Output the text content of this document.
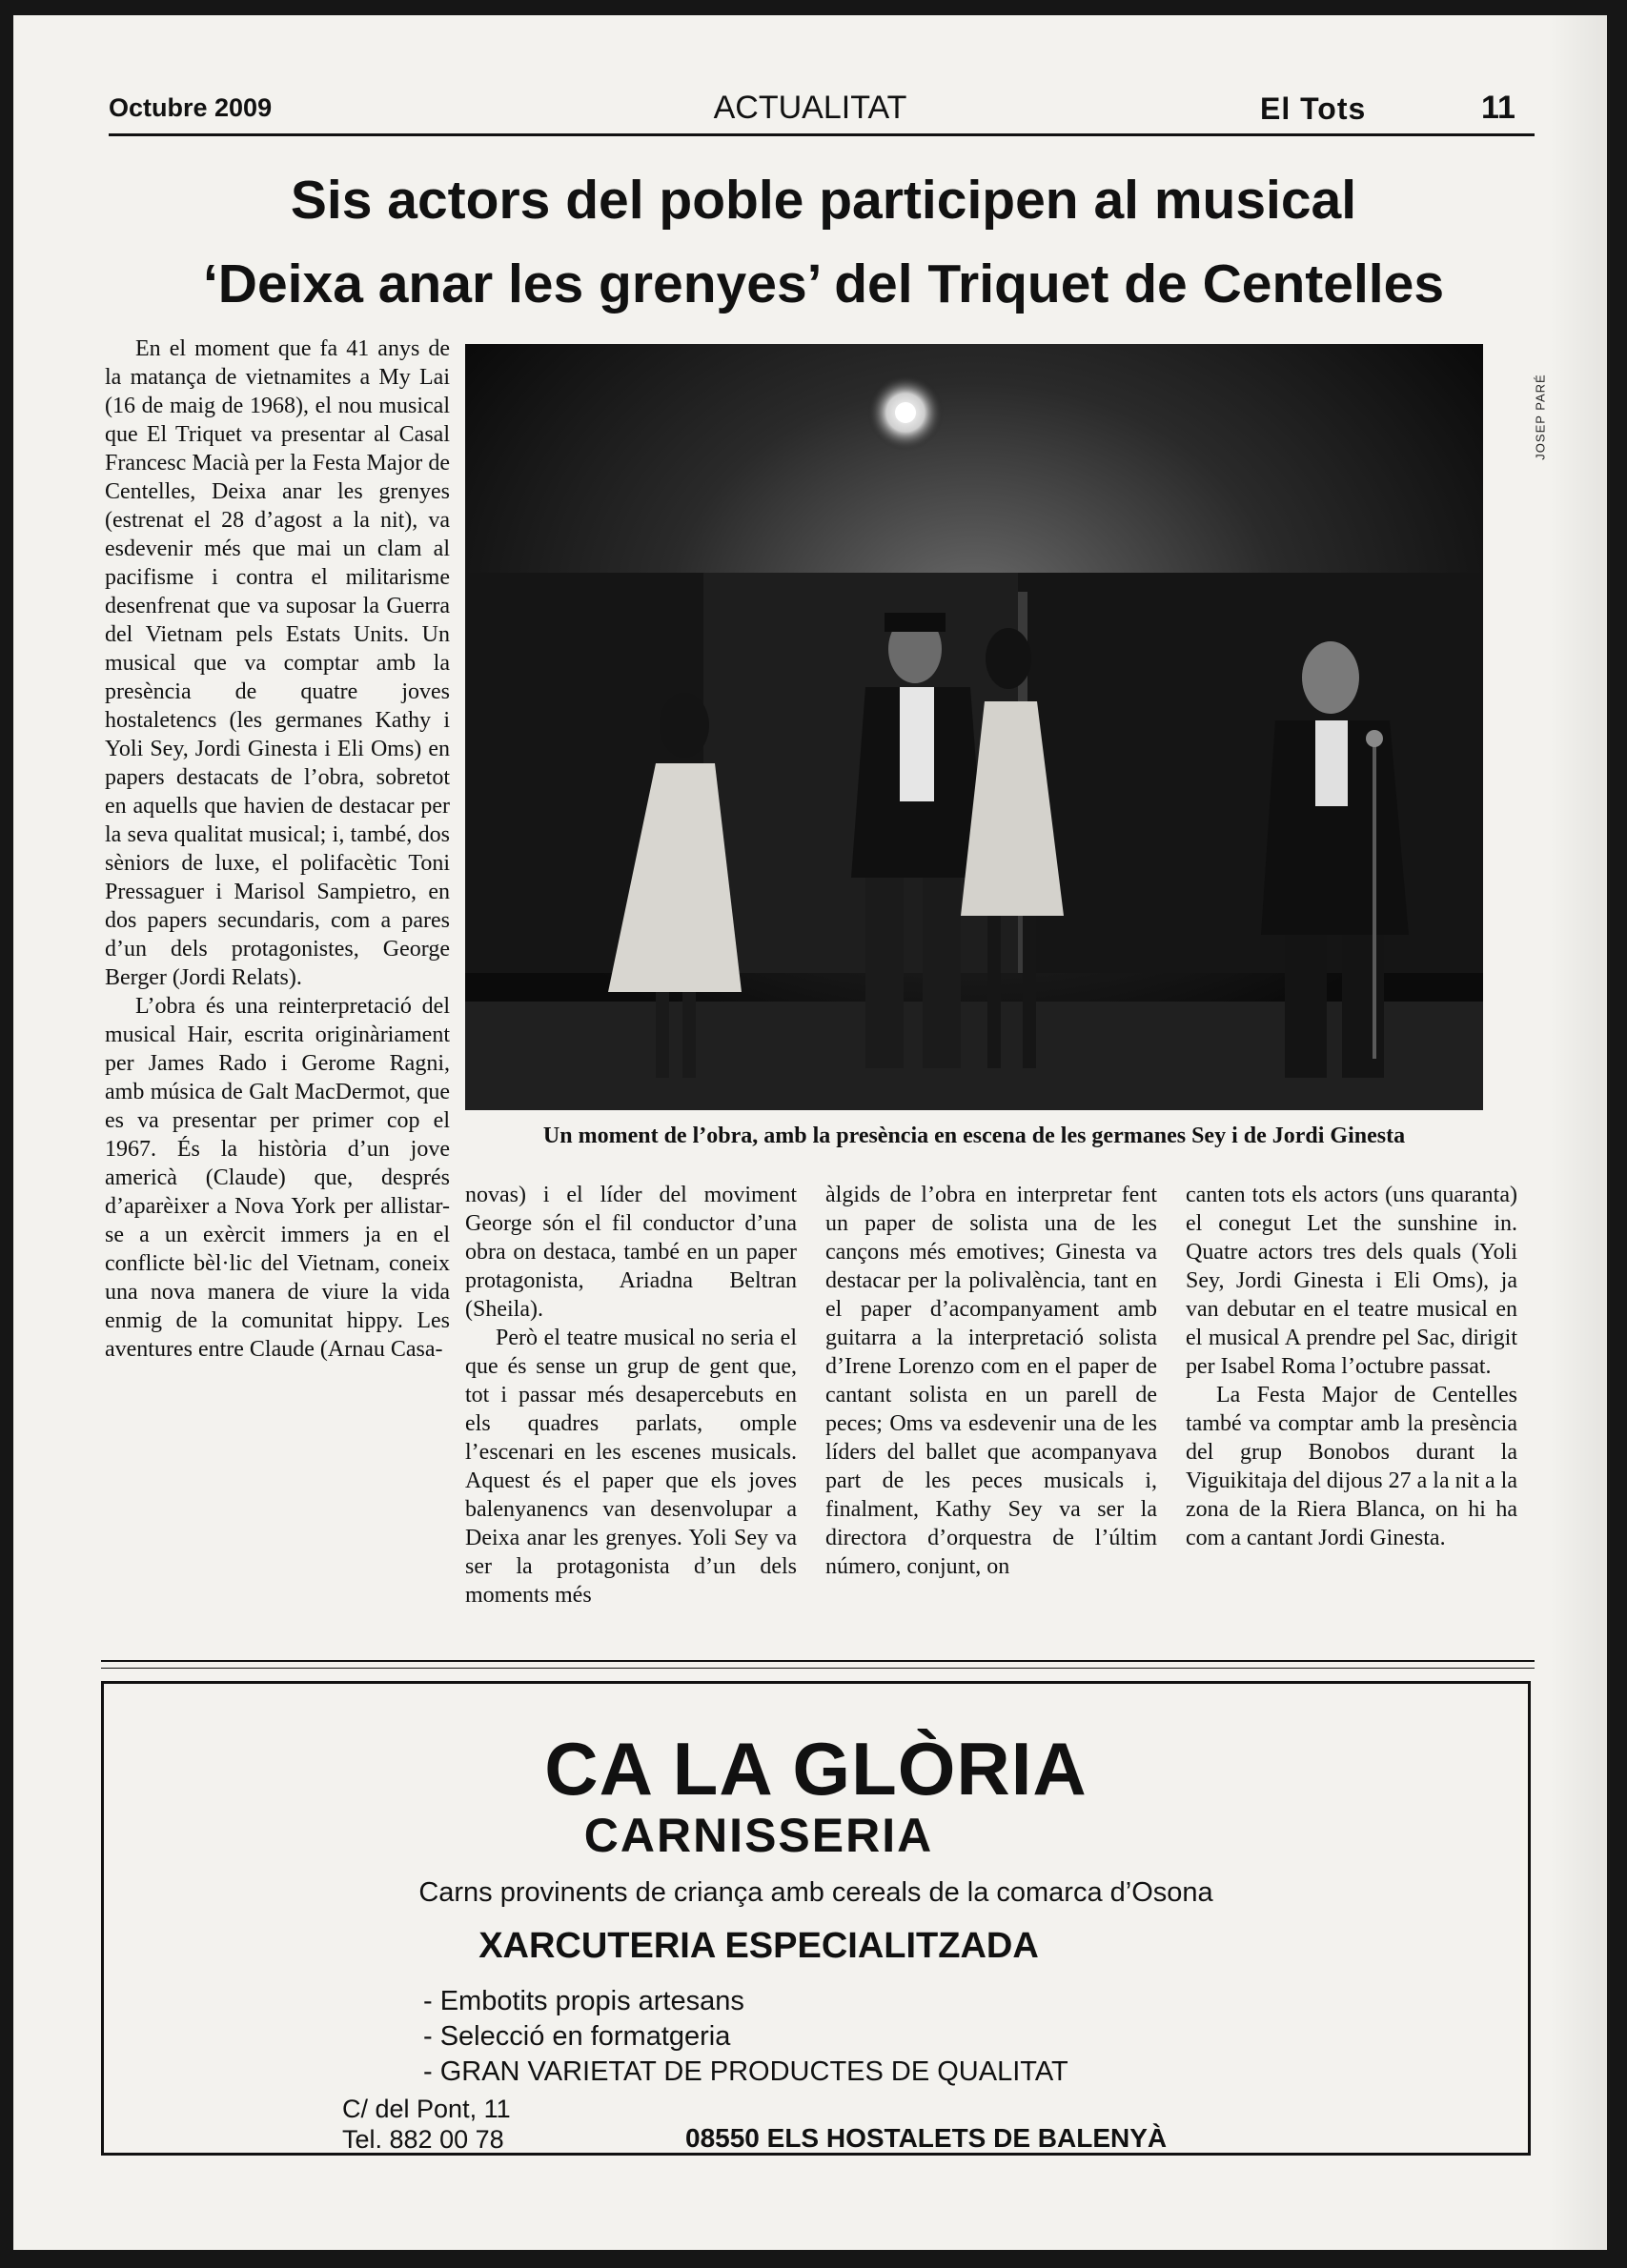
Octubre 2009	ACTUALITAT	El Tots	11
Sis actors del poble participen al musical
‘Deixa anar les grenyes’ del Triquet de Centelles

En el moment que fa 41 anys de la matança de vietnamites a My Lai (16 de maig de 1968), el nou musical que El Triquet va presentar al Casal Francesc Macià per la Festa Major de Centelles, Deixa anar les grenyes (estrenat el 28 d’agost a la nit), va esdevenir més que mai un clam al pacifisme i contra el militarisme desenfrenat que va suposar la Guerra del Vietnam pels Estats Units. Un musical que va comptar amb la presència de quatre joves hostaletencs (les germanes Kathy i Yoli Sey, Jordi Ginesta i Eli Oms) en papers destacats de l’obra, sobretot en aquells que havien de destacar per la seva qualitat musical; i, també, dos sèniors de luxe, el polifacètic Toni Pressaguer i Marisol Sampietro, en dos papers secundaris, com a pares d’un dels protagonistes, George Berger (Jordi Relats).

L’obra és una reinterpretació del musical Hair, escrita originàriament per James Rado i Gerome Ragni, amb música de Galt MacDermot, que es va presentar per primer cop el 1967. És la història d’un jove americà (Claude) que, després d’aparèixer a Nova York per allistar-se a un exèrcit immers ja en el conflicte bèl·lic del Vietnam, coneix una nova manera de viure la vida enmig de la comunitat hippy. Les aventures entre Claude (Arnau Casa-

JOSEP PARÉ
Un moment de l’obra, amb la presència en escena de les germanes Sey i de Jordi Ginesta

novas) i el líder del moviment George són el fil conductor d’una obra on destaca, també en un paper protagonista, Ariadna Beltran (Sheila).

Però el teatre musical no seria el que és sense un grup de gent que, tot i passar més desapercebuts en els quadres parlats, omple l’escenari en les escenes musicals. Aquest és el paper que els joves balenyanencs van desenvolupar a Deixa anar les grenyes. Yoli Sey va ser la protagonista d’un dels moments més

àlgids de l’obra en interpretar fent un paper de solista una de les cançons més emotives; Ginesta va destacar per la polivalència, tant en el paper d’acompanyament amb guitarra a la interpretació solista d’Irene Lorenzo com en el paper de cantant solista en un parell de peces; Oms va esdevenir una de les líders del ballet que acompanyava part de les peces musicals i, finalment, Kathy Sey va ser la directora d’orquestra de l’últim número, conjunt, on

canten tots els actors (uns quaranta) el conegut Let the sunshine in. Quatre actors tres dels quals (Yoli Sey, Jordi Ginesta i Eli Oms), ja van debutar en el teatre musical en el musical A prendre pel Sac, dirigit per Isabel Roma l’octubre passat.

La Festa Major de Centelles també va comptar amb la presència del grup Bonobos durant la Viguikitaja del dijous 27 a la nit a la zona de la Riera Blanca, on hi ha com a cantant Jordi Ginesta.

CA LA GLÒRIA
CARNISSERIA
Carns provinents de criança amb cereals de la comarca d’Osona
XARCUTERIA ESPECIALITZADA
- Embotits propis artesans
- Selecció en formatgeria
- GRAN VARIETAT DE PRODUCTES DE QUALITAT
C/ del Pont, 11
Tel. 882 00 78	08550 ELS HOSTALETS DE BALENYÀ
